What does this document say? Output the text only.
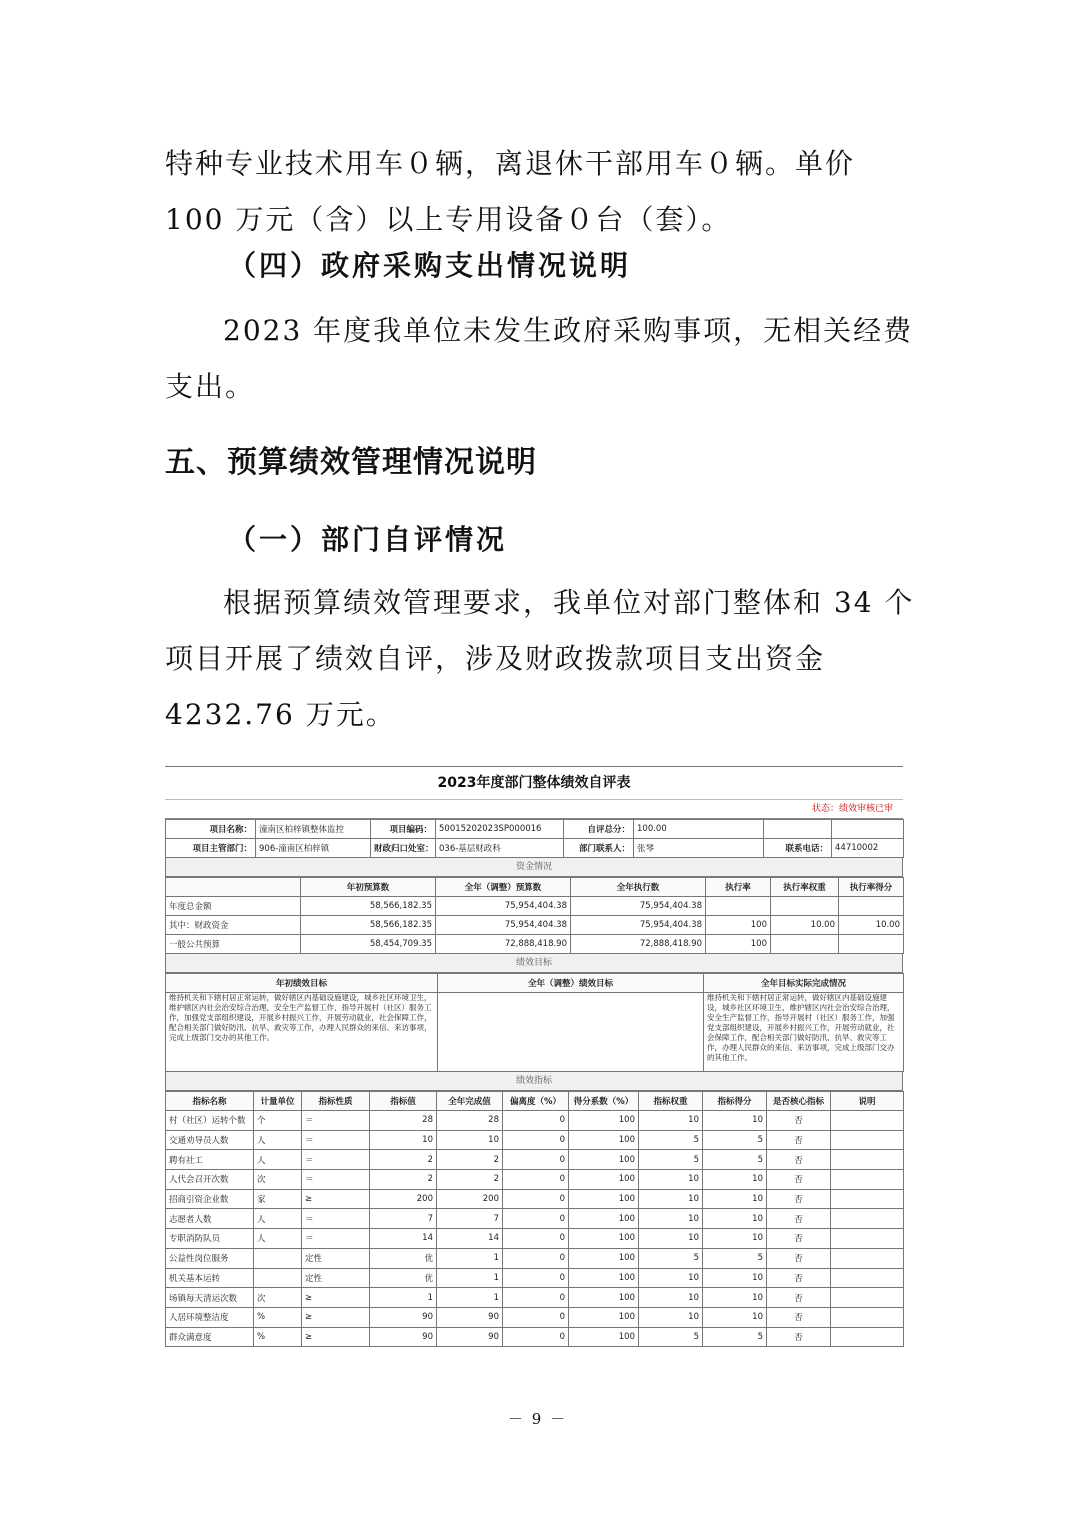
特种专业技术用车０辆，离退休干部用车０辆。单价 100 万元（含）以上专用设备０台（套）。

（四）政府采购支出情况说明

2023 年度我单位未发生政府采购事项，无相关经费支出。

五、预算绩效管理情况说明

（一）部门自评情况

根据预算绩效管理要求，我单位对部门整体和 34 个项目开展了绩效自评，涉及财政拨款项目支出资金 4232.76 万元。

2023年度部门整体绩效自评表
状态：绩效审核已审
项目名称：	潼南区柏梓镇整体监控	项目编码：	50015202023SP000016	自评总分：	100.00		
项目主管部门：	906-潼南区柏梓镇	财政归口处室：	036-基层财政科	部门联系人：	张琴	联系电话：	44710002
资金情况
	年初预算数	全年（调整）预算数	全年执行数	执行率	执行率权重	执行率得分
年度总金额	58,566,182.35	75,954,404.38	75,954,404.38			
其中：财政资金	58,566,182.35	75,954,404.38	75,954,404.38	100	10.00	10.00
一般公共预算	58,454,709.35	72,888,418.90	72,888,418.90	100		
绩效目标
年初绩效目标	全年（调整）绩效目标	全年目标实际完成情况
维持机关和下辖村居正常运转，做好辖区内基础设施建设，城乡社区环境卫生，维护辖区内社会治安综合治理，安全生产监督工作，指导开展村（社区）服务工作，加强党支部组织建设，开展乡村振兴工作，开展劳动就业，社会保障工作，配合相关部门做好防汛、抗旱、救灾等工作，办理人民群众的来信、来访事项，完成上级部门交办的其他工作。		维持机关和下辖村居正常运转，做好辖区内基础设施建设，城乡社区环境卫生，维护辖区内社会治安综合治理，安全生产监督工作，指导开展村（社区）服务工作，加强党支部组织建设，开展乡村振兴工作，开展劳动就业，社会保障工作，配合相关部门做好防汛、抗旱、救灾等工作，办理人民群众的来信、来访事项，完成上级部门交办的其他工作。
绩效指标
指标名称	计量单位	指标性质	指标值	全年完成值	偏离度（%）	得分系数（%）	指标权重	指标得分	是否核心指标	说明
村（社区）运转个数	个	＝	28	28	0	100	10	10	否	
交通劝导员人数	人	＝	10	10	0	100	5	5	否	
聘有社工	人	＝	2	2	0	100	5	5	否	
人代会召开次数	次	＝	2	2	0	100	10	10	否	
招商引资企业数	家	≥	200	200	0	100	10	10	否	
志愿者人数	人	＝	7	7	0	100	10	10	否	
专职消防队员	人	＝	14	14	0	100	10	10	否	
公益性岗位服务		定性	优	1	0	100	5	5	否	
机关基本运转		定性	优	1	0	100	10	10	否	
场镇每天清运次数	次	≥	1	1	0	100	10	10	否	
人居环境整洁度	%	≥	90	90	0	100	10	10	否	
群众满意度	%	≥	90	90	0	100	5	5	否	
－ 9 －
